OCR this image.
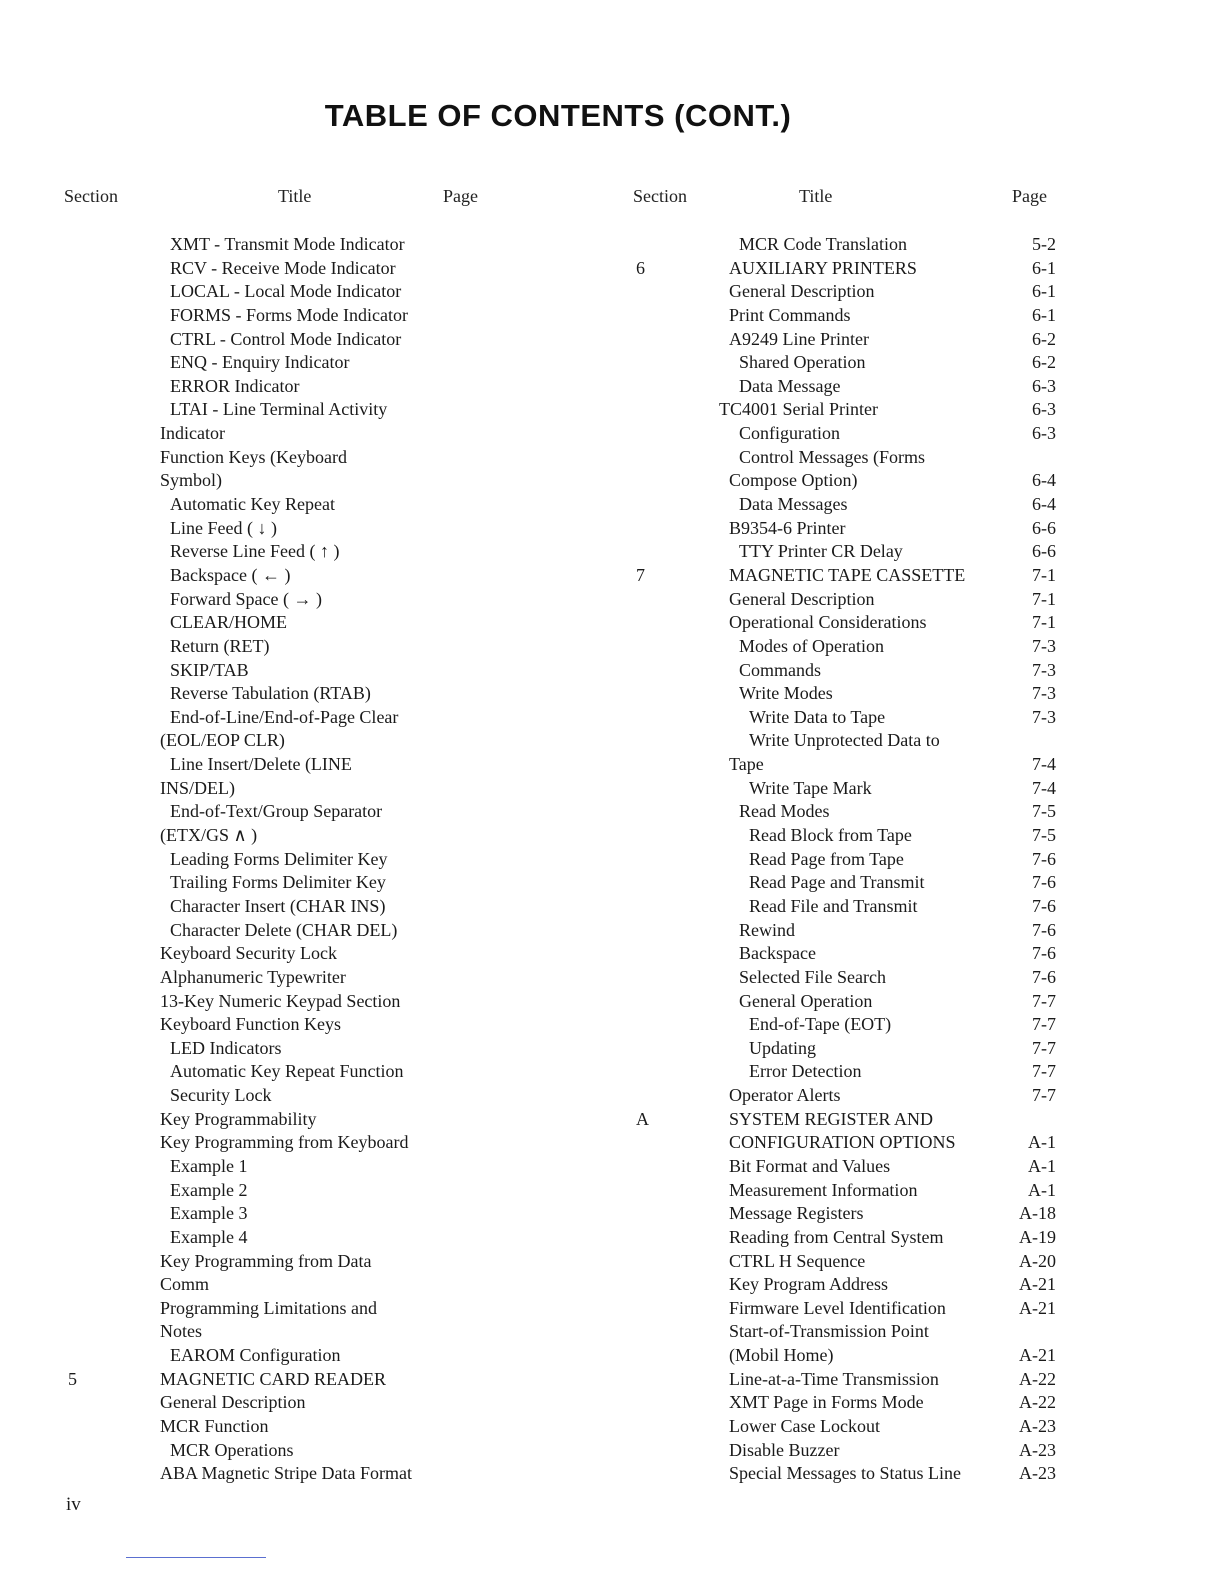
TABLE OF CONTENTS (CONT.)
Section	Title	Page	Section	Title	Page
XMT - Transmit Mode Indicator
RCV - Receive Mode Indicator
LOCAL - Local Mode Indicator
FORMS - Forms Mode Indicator
CTRL - Control Mode Indicator
ENQ - Enquiry Indicator
ERROR Indicator
LTAI - Line Terminal Activity
Indicator
Function Keys (Keyboard
Symbol)
Automatic Key Repeat
Line Feed ( ↓ )
Reverse Line Feed ( ↑ )
Backspace ( ← )
Forward Space ( → )
CLEAR/HOME
Return (RET)
SKIP/TAB
Reverse Tabulation (RTAB)
End-of-Line/End-of-Page Clear
(EOL/EOP CLR)
Line Insert/Delete (LINE
INS/DEL)
End-of-Text/Group Separator
(ETX/GS ∧ )
Leading Forms Delimiter Key
Trailing Forms Delimiter Key
Character Insert (CHAR INS)
Character Delete (CHAR DEL)
Keyboard Security Lock
Alphanumeric Typewriter
13-Key Numeric Keypad Section
Keyboard Function Keys
LED Indicators
Automatic Key Repeat Function
Security Lock
Key Programmability
Key Programming from Keyboard
Example 1
Example 2
Example 3
Example 4
Key Programming from Data
Comm
Programming Limitations and
Notes
EAROM Configuration
5	MAGNETIC CARD READER
General Description
MCR Function
MCR Operations
ABA Magnetic Stripe Data Format
MCR Code Translation	5-2
6	AUXILIARY PRINTERS	6-1
General Description	6-1
Print Commands	6-1
A9249 Line Printer	6-2
Shared Operation	6-2
Data Message	6-3
TC4001 Serial Printer	6-3
Configuration	6-3
Control Messages (Forms
Compose Option)	6-4
Data Messages	6-4
B9354-6 Printer	6-6
TTY Printer CR Delay	6-6
7	MAGNETIC TAPE CASSETTE	7-1
General Description	7-1
Operational Considerations	7-1
Modes of Operation	7-3
Commands	7-3
Write Modes	7-3
Write Data to Tape	7-3
Write Unprotected Data to
Tape	7-4
Write Tape Mark	7-4
Read Modes	7-5
Read Block from Tape	7-5
Read Page from Tape	7-6
Read Page and Transmit	7-6
Read File and Transmit	7-6
Rewind	7-6
Backspace	7-6
Selected File Search	7-6
General Operation	7-7
End-of-Tape (EOT)	7-7
Updating	7-7
Error Detection	7-7
Operator Alerts	7-7
A	SYSTEM REGISTER AND
CONFIGURATION OPTIONS	A-1
Bit Format and Values	A-1
Measurement Information	A-1
Message Registers	A-18
Reading from Central System	A-19
CTRL H Sequence	A-20
Key Program Address	A-21
Firmware Level Identification	A-21
Start-of-Transmission Point
(Mobil Home)	A-21
Line-at-a-Time Transmission	A-22
XMT Page in Forms Mode	A-22
Lower Case Lockout	A-23
Disable Buzzer	A-23
Special Messages to Status Line	A-23
iv
